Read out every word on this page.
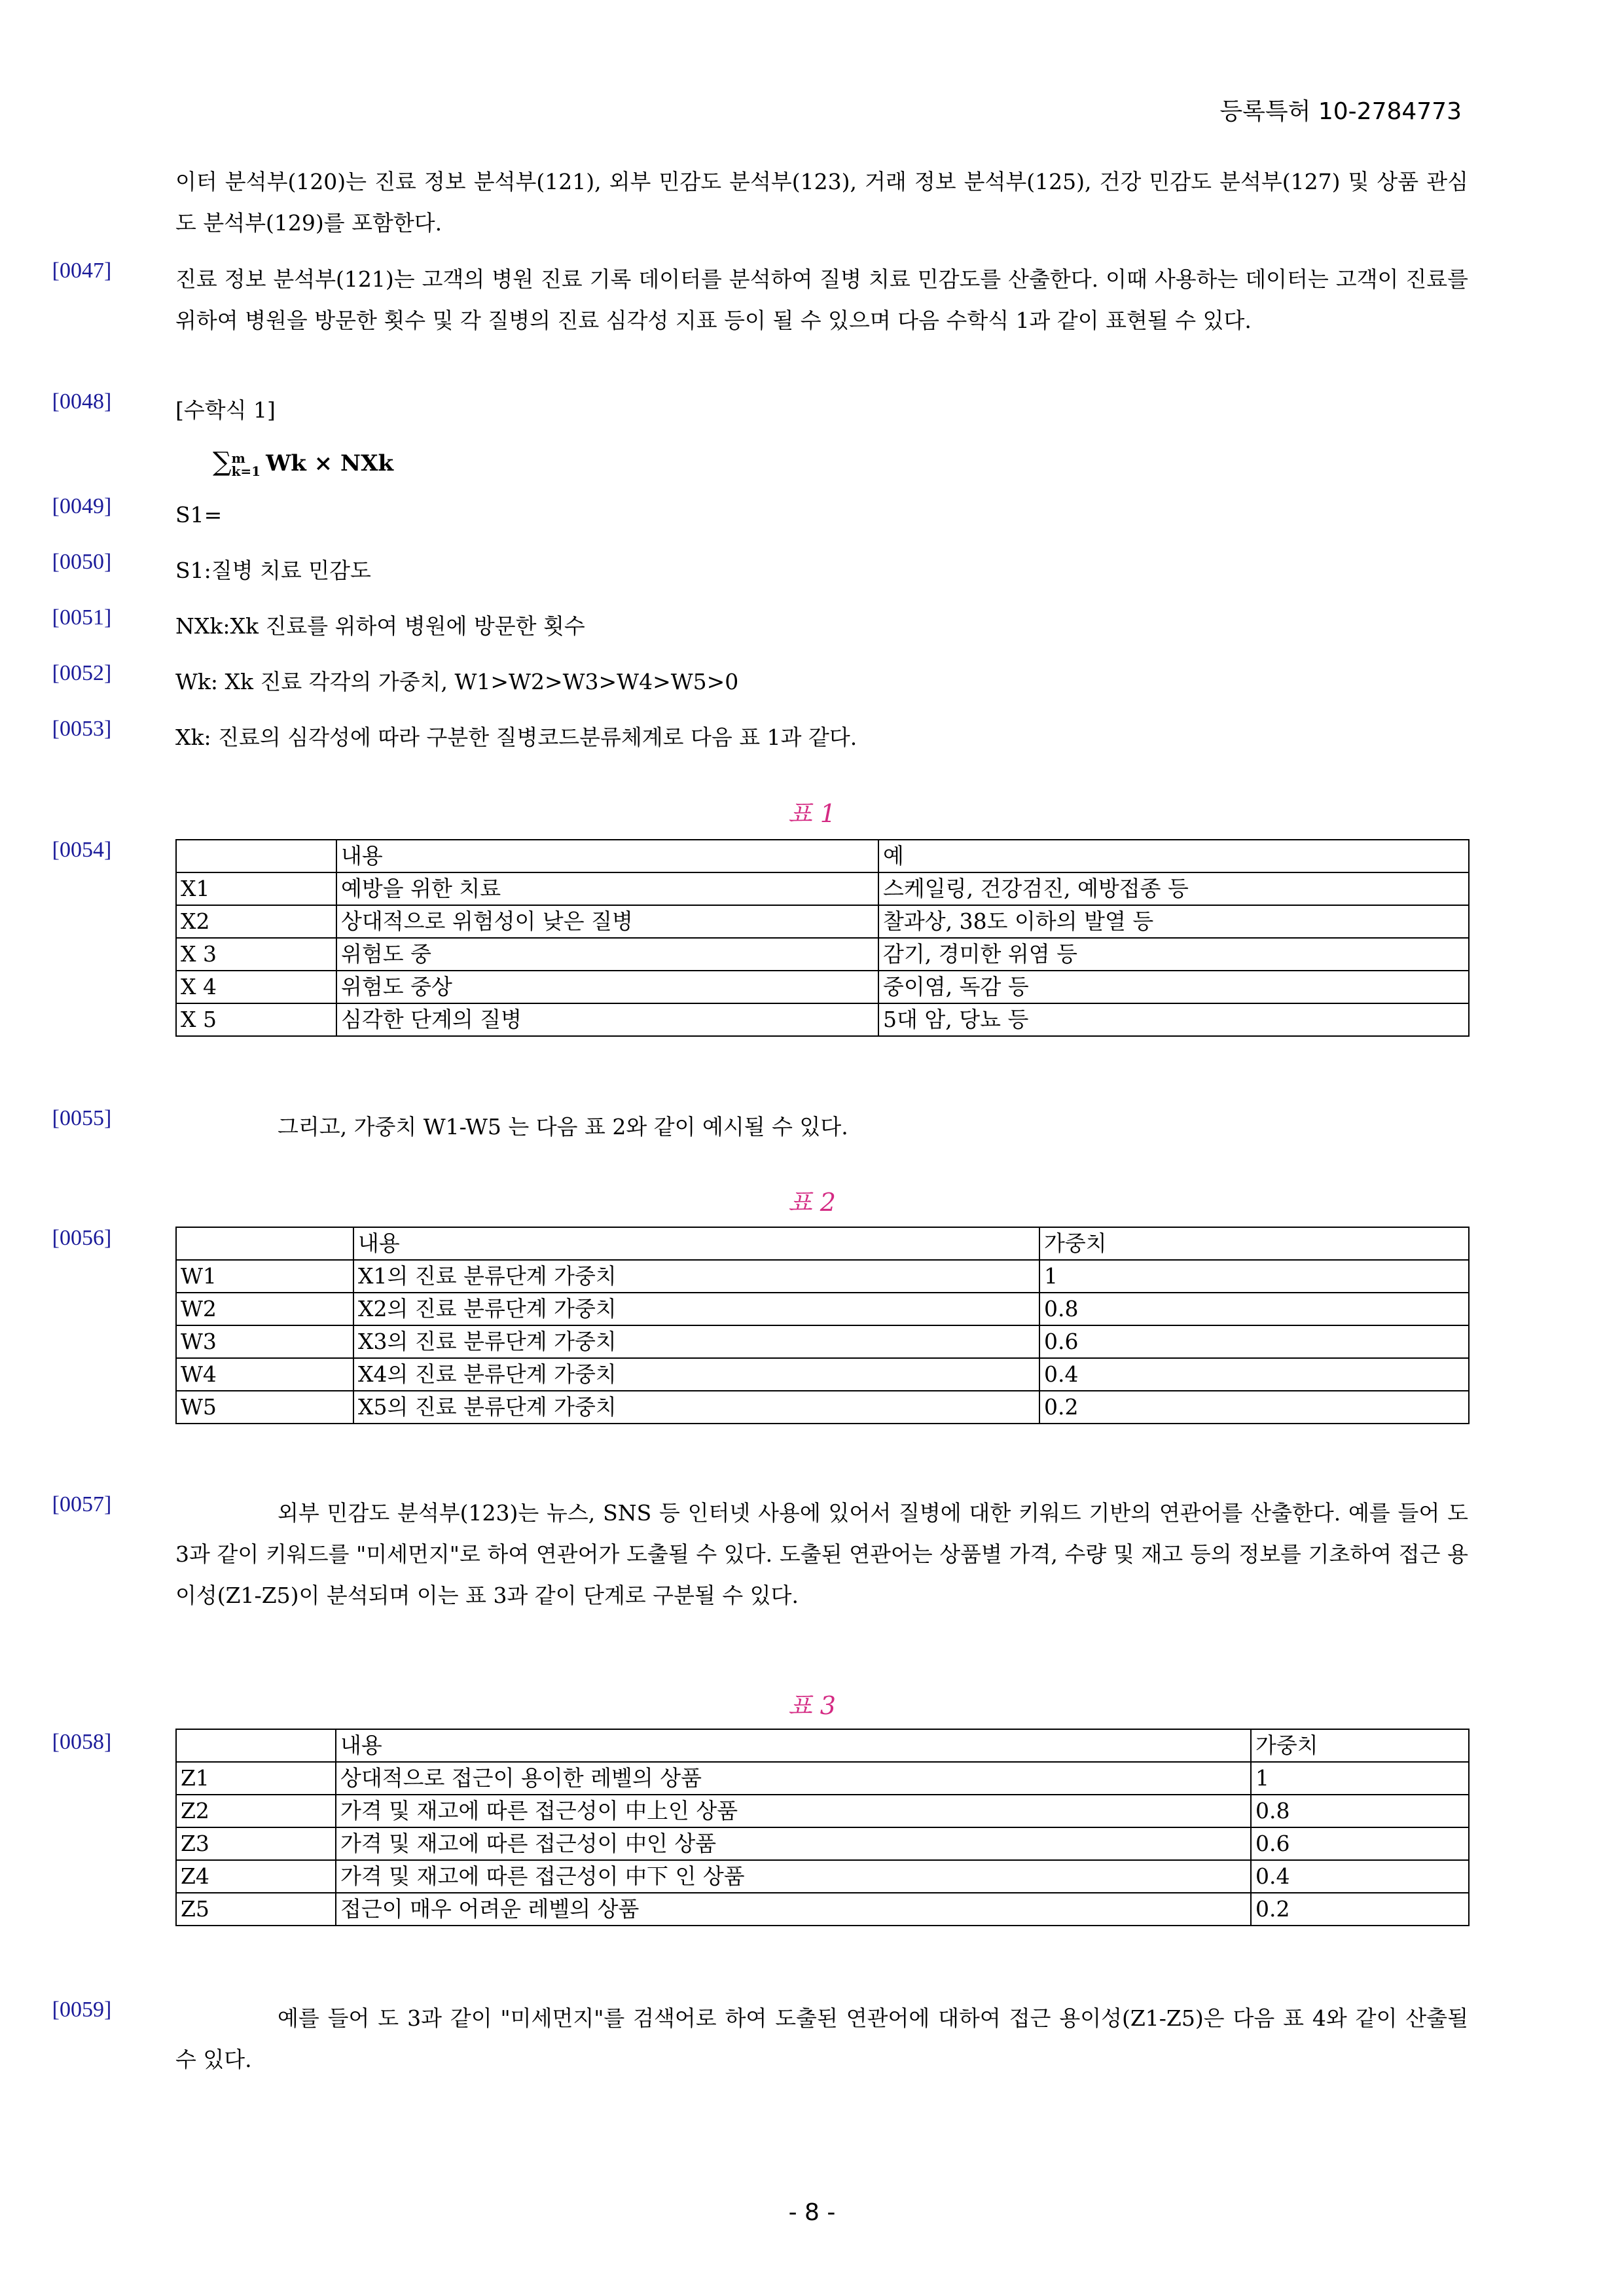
등록특허 10-2784773
이터 분석부(120)는 진료 정보 분석부(121), 외부 민감도 분석부(123), 거래 정보 분석부(125), 건강 민감도 분석부(127) 및 상품 관심도 분석부(129)를 포함한다.
[0047]	진료 정보 분석부(121)는 고객의 병원 진료 기록 데이터를 분석하여 질병 치료 민감도를 산출한다. 이때 사용하는 데이터는 고객이 진료를 위하여 병원을 방문한 횟수 및 각 질병의 진료 심각성 지표 등이 될 수 있으며 다음 수학식 1과 같이 표현될 수 있다.
[0048]	[수학식 1]
∑ m
k=1 Wk × NXk
[0049]	S1=
[0050]	S1:질병 치료 민감도
[0051]	NXk:Xk 진료를 위하여 병원에 방문한 횟수
[0052]	Wk: Xk 진료 각각의 가중치, W1>W2>W3>W4>W5>0
[0053]	Xk: 진료의 심각성에 따라 구분한 질병코드분류체계로 다음 표 1과 같다.
표 1
[0054]
		내용	예
X1	예방을 위한 치료	스케일링, 건강검진, 예방접종 등
X2	상대적으로 위험성이 낮은 질병	찰과상, 38도 이하의 발열 등
X 3	위험도 중	감기, 경미한 위염 등
X 4	위험도 중상	중이염, 독감 등
X 5	심각한 단계의 질병	5대 암, 당뇨 등
[0055]	그리고, 가중치 W1-W5 는 다음 표 2와 같이 예시될 수 있다.
표 2
[0056]
		내용	가중치
W1	X1의 진료 분류단계 가중치	1
W2	X2의 진료 분류단계 가중치	0.8
W3	X3의 진료 분류단계 가중치	0.6
W4	X4의 진료 분류단계 가중치	0.4
W5	X5의 진료 분류단계 가중치	0.2
[0057]	외부 민감도 분석부(123)는 뉴스, SNS 등 인터넷 사용에 있어서 질병에 대한 키워드 기반의 연관어를 산출한다. 예를 들어 도 3과 같이 키워드를 "미세먼지"로 하여 연관어가 도출될 수 있다. 도출된 연관어는 상품별 가격, 수량 및 재고 등의 정보를 기초하여 접근 용이성(Z1-Z5)이 분석되며 이는 표 3과 같이 단계로 구분될 수 있다.
표 3
[0058]
		내용	가중치
Z1	상대적으로 접근이 용이한 레벨의 상품	1
Z2	가격 및 재고에 따른 접근성이 中上인 상품	0.8
Z3	가격 및 재고에 따른 접근성이 中인 상품	0.6
Z4	가격 및 재고에 따른 접근성이 中下 인 상품	0.4
Z5	접근이 매우 어려운 레벨의 상품	0.2
[0059]	예를 들어 도 3과 같이 "미세먼지"를 검색어로 하여 도출된 연관어에 대하여 접근 용이성(Z1-Z5)은 다음 표 4와 같이 산출될 수 있다.
- 8 -
